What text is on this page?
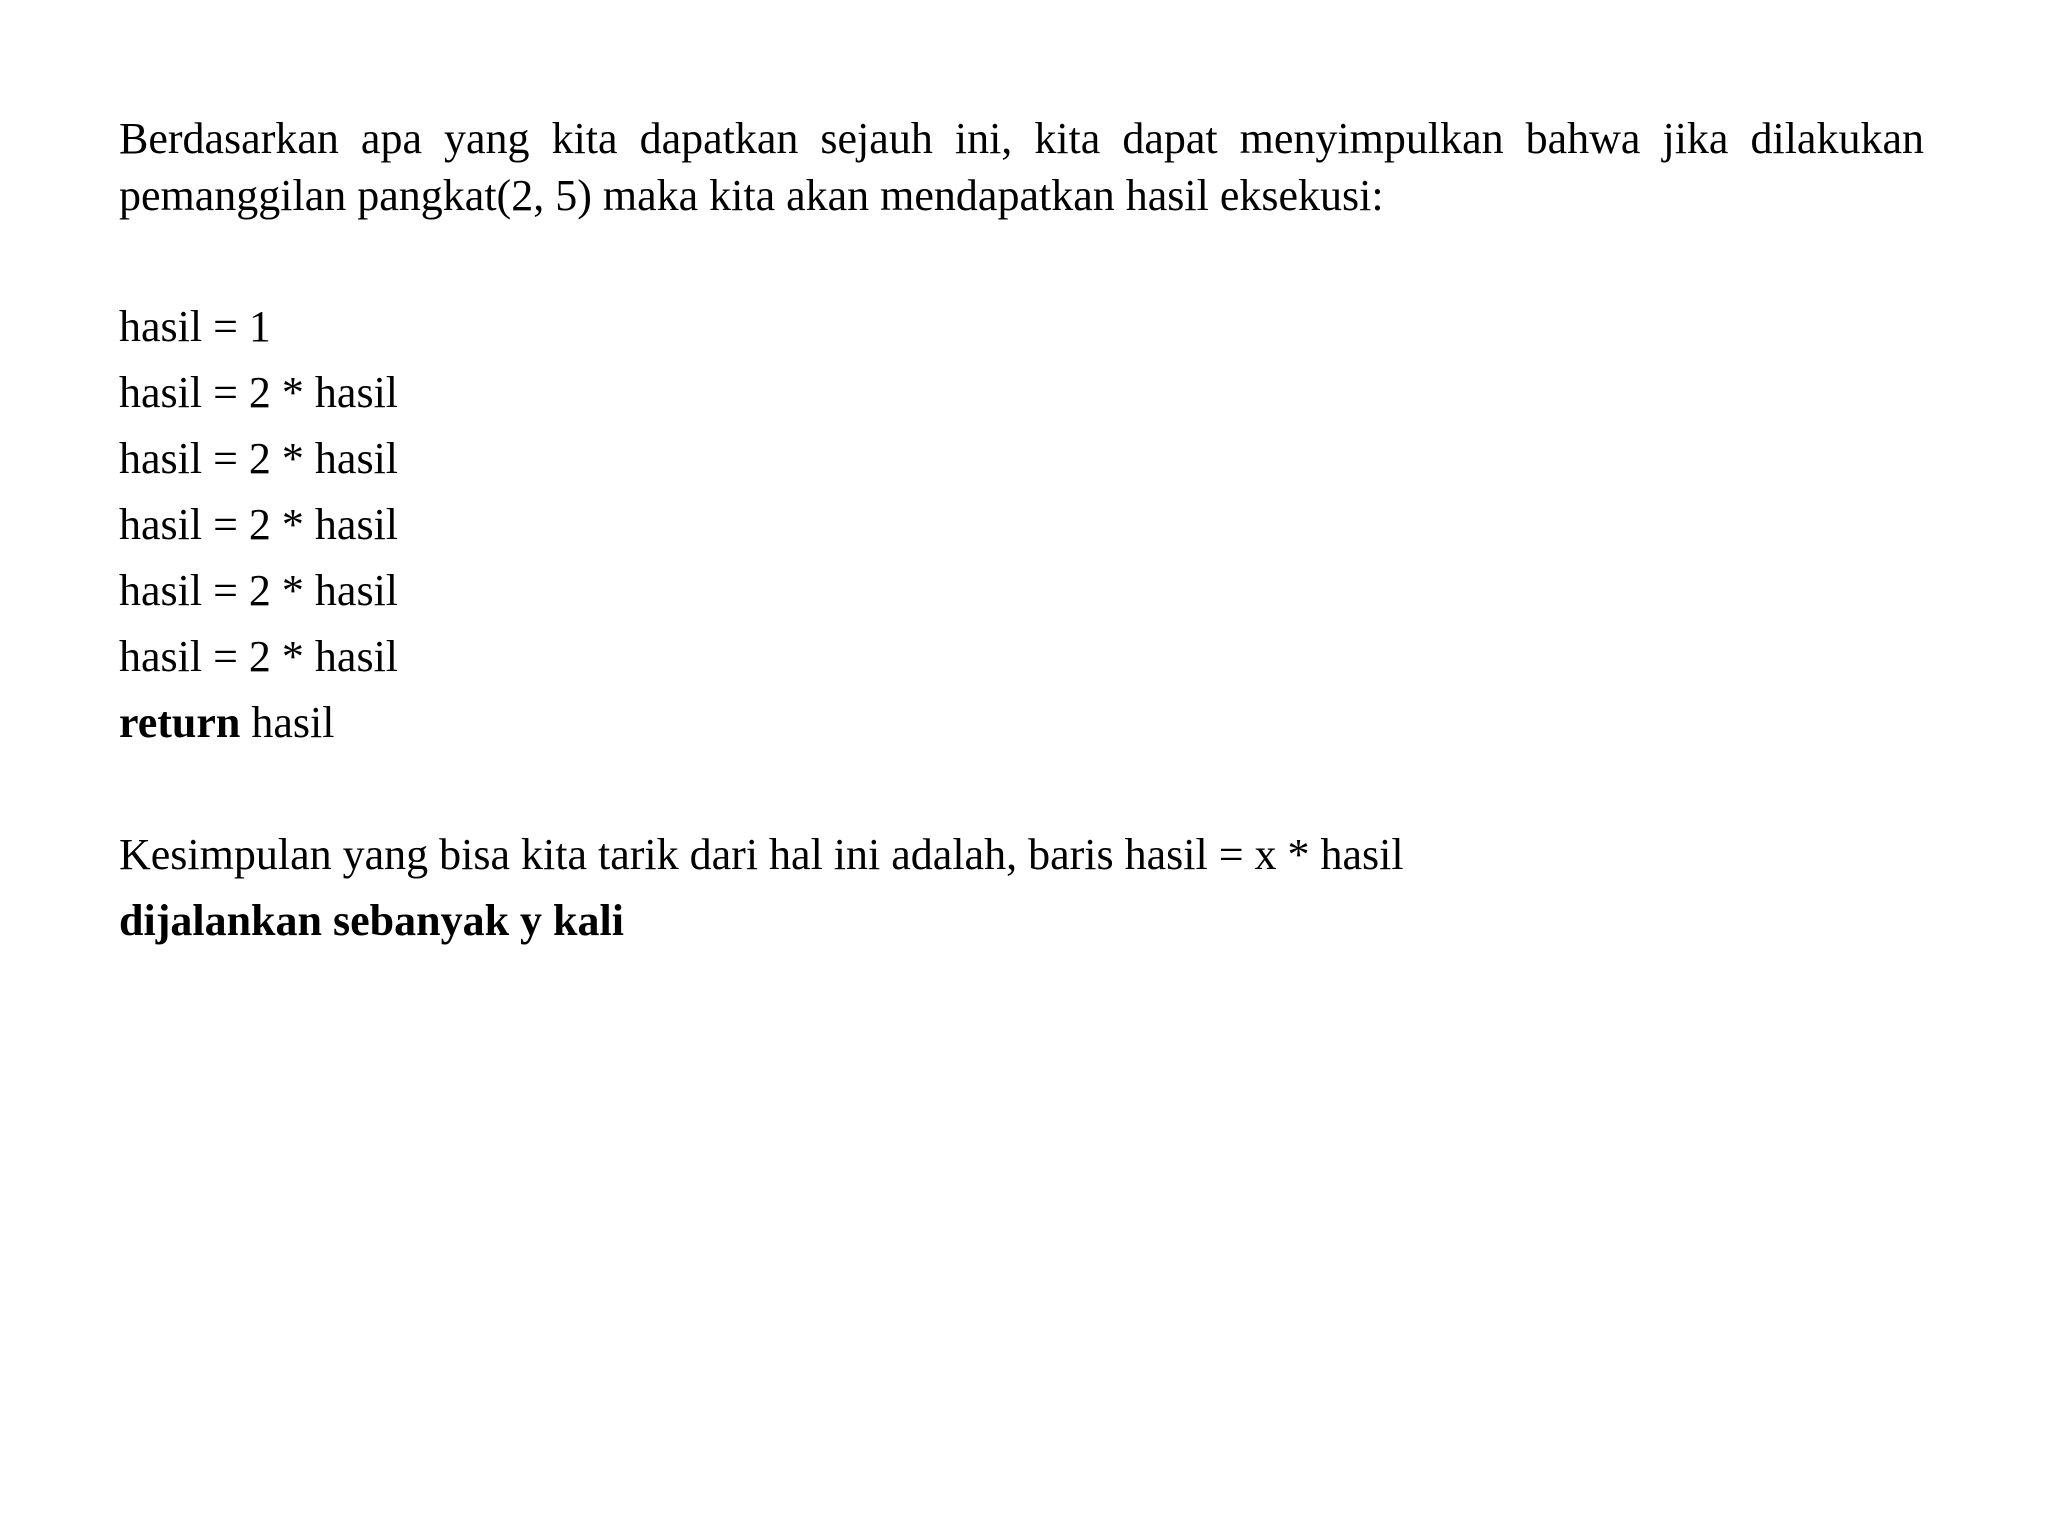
Berdasarkan apa yang kita dapatkan sejauh ini, kita dapat menyimpulkan bahwa jika dilakukan pemanggilan pangkat(2, 5) maka kita akan mendapatkan hasil eksekusi:

hasil = 1
hasil = 2 * hasil
hasil = 2 * hasil
hasil = 2 * hasil
hasil = 2 * hasil
hasil = 2 * hasil
return hasil
Kesimpulan yang bisa kita tarik dari hal ini adalah, baris hasil = x * hasil
dijalankan sebanyak y kali
